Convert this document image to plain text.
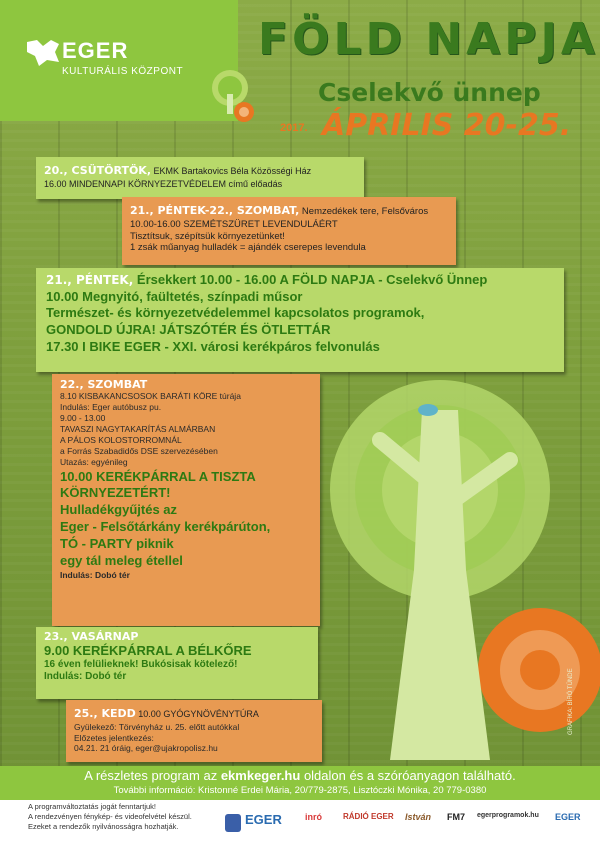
EGER
KULTURÁLIS KÖZPONT
FÖLD NAPJA
Cselekvő ünnep
2017. ÁPRILIS 20-25.
20., CSÜTÖRTÖK, EKMK Bartakovics Béla Közösségi Ház
16.00 MINDENNAPI KÖRNYEZETVÉDELEM című előadás
21., PÉNTEK-22., SZOMBAT, Nemzedékek tere, Felsőváros
10.00-16.00 SZEMÉTSZÜRET LEVENDULÁÉRT
Tisztítsuk, szépítsük környezetünket!
1 zsák műanyag hulladék = ajándék cserepes levendula
21., PÉNTEK, Érsekkert 10.00 - 16.00 A FÖLD NAPJA - Cselekvő Ünnep
10.00 Megnyitó, faültetés, színpadi műsor
Természet- és környezetvédelemmel kapcsolatos programok,
GONDOLD ÚJRA! JÁTSZÓTÉR ÉS ÖTLETTÁR
17.30 I BIKE EGER - XXI. városi kerékpáros felvonulás
22., SZOMBAT
8.10 KISBAKANCSOSOK BARÁTI KÖRE túrája
Indulás: Eger autóbusz pu.
9.00 - 13.00
TAVASZI NAGYTAKARÍTÁS ALMÁRBAN
A PÁLOS KOLOSTORROMNÁL
a Forrás Szabadidős DSE szervezésében
Utazás: egyénileg
10.00 KERÉKPÁRRAL A TISZTA
KÖRNYEZETÉRT!
Hulladékgyűjtés az
Eger - Felsőtárkány kerékpárúton,
TÓ - PARTY piknik
egy tál meleg étellel
Indulás: Dobó tér
23., VASÁRNAP
9.00 KERÉKPÁRRAL A BÉLKŐRE
16 éven felülieknek! Bukósisak kötelező!
Indulás: Dobó tér
25., KEDD 10.00 GYÓGYNÖVÉNYTÚRA
Gyülekező: Törvényház u. 25. előtt autókkal
Előzetes jelentkezés:
04.21. 21 óráig, eger@ujakropolisz.hu
GRAFIKA: BÍRÓ TÜNDE
A részletes program az ekmkeger.hu oldalon és a szóróanyagon található.
További információ: Kristonné Erdei Mária, 20/779-2875, Lisztóczki Mónika, 20 779-0380
A programváltoztatás jogát fenntartjuk!
A rendezvényen fénykép- és videofelvétel készül.
Ezeket a rendezők nyilvánosságra hozhatják.	EGER	inró	RÁDIÓ EGER István FM7 egerprogramok.hu EGER
